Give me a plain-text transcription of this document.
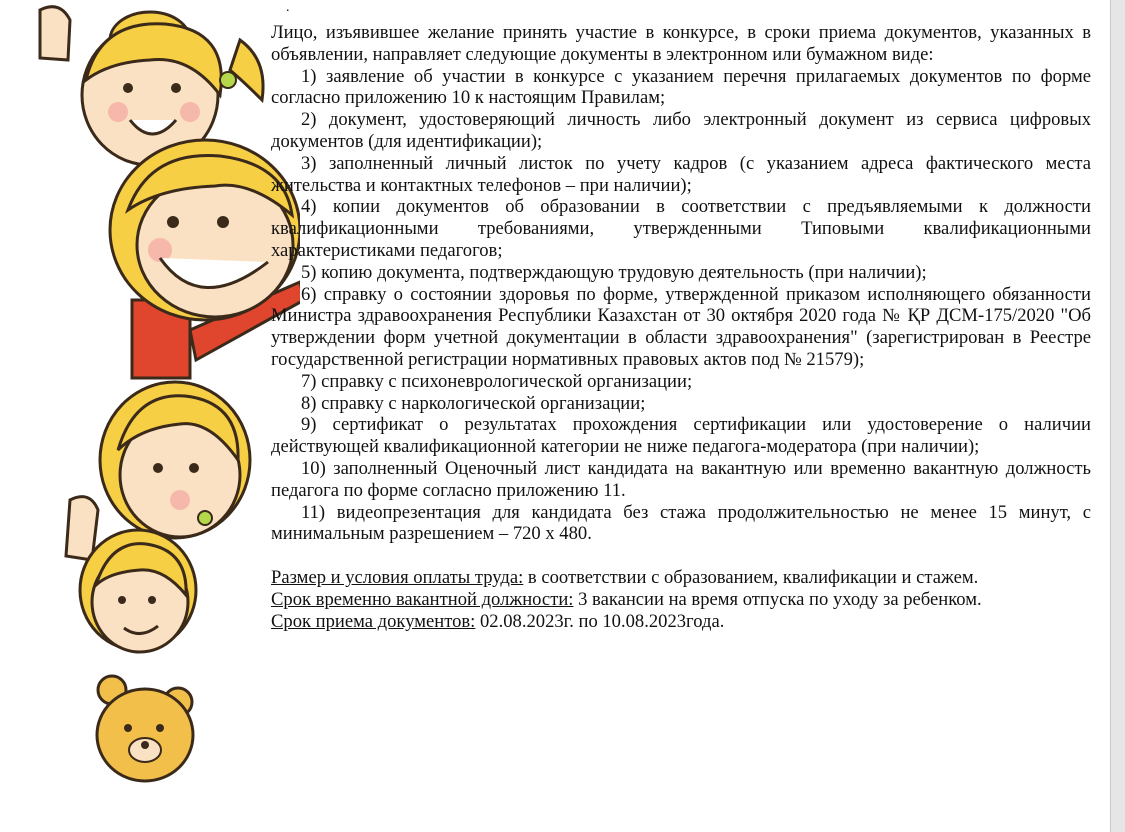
.

Лицо, изъявившее желание принять участие в конкурсе, в сроки приема документов, указанных в объявлении, направляет следующие документы в электронном или бумажном виде:

1) заявление об участии в конкурсе с указанием перечня прилагаемых документов по форме согласно приложению 10 к настоящим Правилам;

2) документ, удостоверяющий личность либо электронный документ из сервиса цифровых документов (для идентификации);

3) заполненный личный листок по учету кадров (с указанием адреса фактического места жительства и контактных телефонов – при наличии);

4) копии документов об образовании в соответствии с предъявляемыми к должности квалификационными требованиями, утвержденными Типовыми квалификационными характеристиками педагогов;

5) копию документа, подтверждающую трудовую деятельность (при наличии);

6) справку о состоянии здоровья по форме, утвержденной приказом исполняющего обязанности Министра здравоохранения Республики Казахстан от 30 октября 2020 года № ҚР ДСМ-175/2020 "Об утверждении форм учетной документации в области здравоохранения" (зарегистрирован в Реестре государственной регистрации нормативных правовых актов под № 21579);

7) справку с психоневрологической организации;

8) справку с наркологической организации;

9) сертификат о результатах прохождения сертификации или удостоверение о наличии действующей квалификационной категории не ниже педагога-модератора (при наличии);

10) заполненный Оценочный лист кандидата на вакантную или временно вакантную должность педагога по форме согласно приложению 11.

11) видеопрезентация для кандидата без стажа продолжительностью не менее 15 минут, с минимальным разрешением – 720 х 480.

Размер и условия оплаты труда: в соответствии с образованием, квалификации и стажем.

Срок временно вакантной должности: 3 вакансии на время отпуска по уходу за ребенком.

Срок приема документов: 02.08.2023г. по 10.08.2023года.
